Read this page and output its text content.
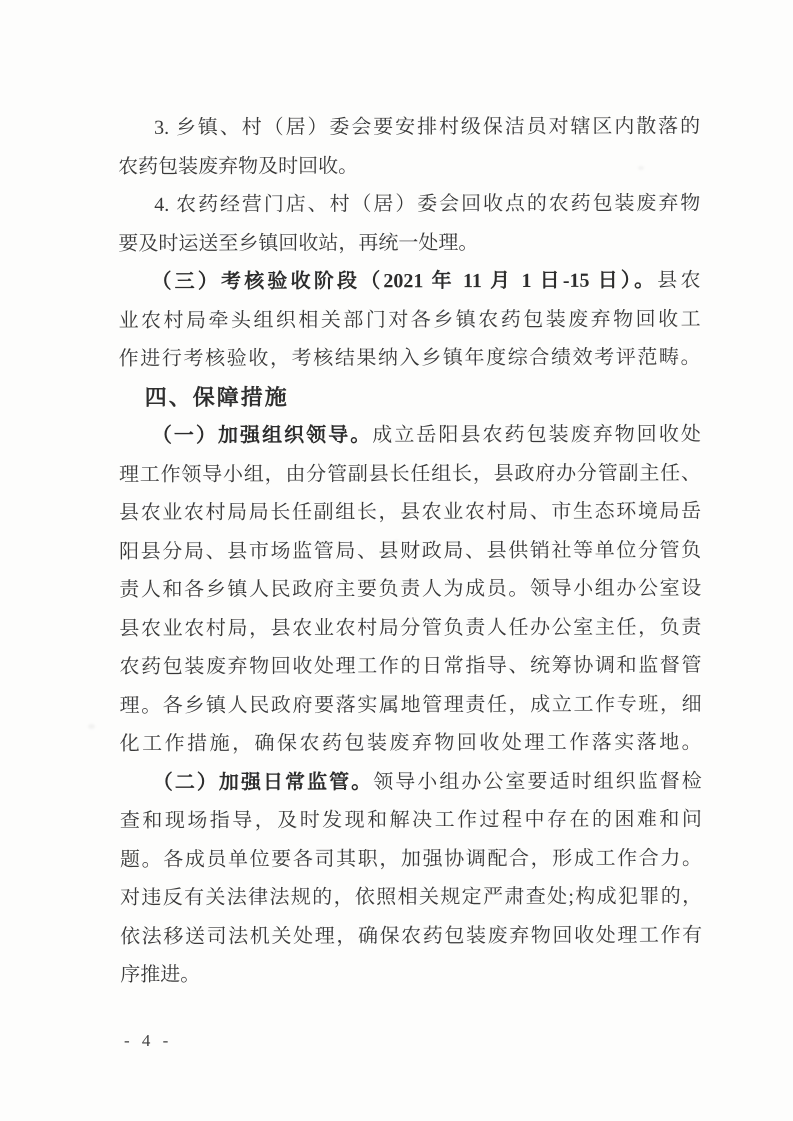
3. 乡镇、村（居）委会要安排村级保洁员对辖区内散落的
农药包装废弃物及时回收。
4. 农药经营门店、村（居）委会回收点的农药包装废弃物
要及时运送至乡镇回收站，再统一处理。
（三）考核验收阶段（2021 年 11 月 1 日-15 日）。县农
业农村局牵头组织相关部门对各乡镇农药包装废弃物回收工
作进行考核验收，考核结果纳入乡镇年度综合绩效考评范畴。
四、保障措施
（一）加强组织领导。成立岳阳县农药包装废弃物回收处
理工作领导小组，由分管副县长任组长，县政府办分管副主任、
县农业农村局局长任副组长，县农业农村局、市生态环境局岳
阳县分局、县市场监管局、县财政局、县供销社等单位分管负
责人和各乡镇人民政府主要负责人为成员。领导小组办公室设
县农业农村局，县农业农村局分管负责人任办公室主任，负责
农药包装废弃物回收处理工作的日常指导、统筹协调和监督管
理。各乡镇人民政府要落实属地管理责任，成立工作专班，细
化工作措施，确保农药包装废弃物回收处理工作落实落地。
（二）加强日常监管。领导小组办公室要适时组织监督检
查和现场指导，及时发现和解决工作过程中存在的困难和问
题。各成员单位要各司其职，加强协调配合，形成工作合力。
对违反有关法律法规的，依照相关规定严肃查处;构成犯罪的，
依法移送司法机关处理，确保农药包装废弃物回收处理工作有
序推进。
- 4 -
